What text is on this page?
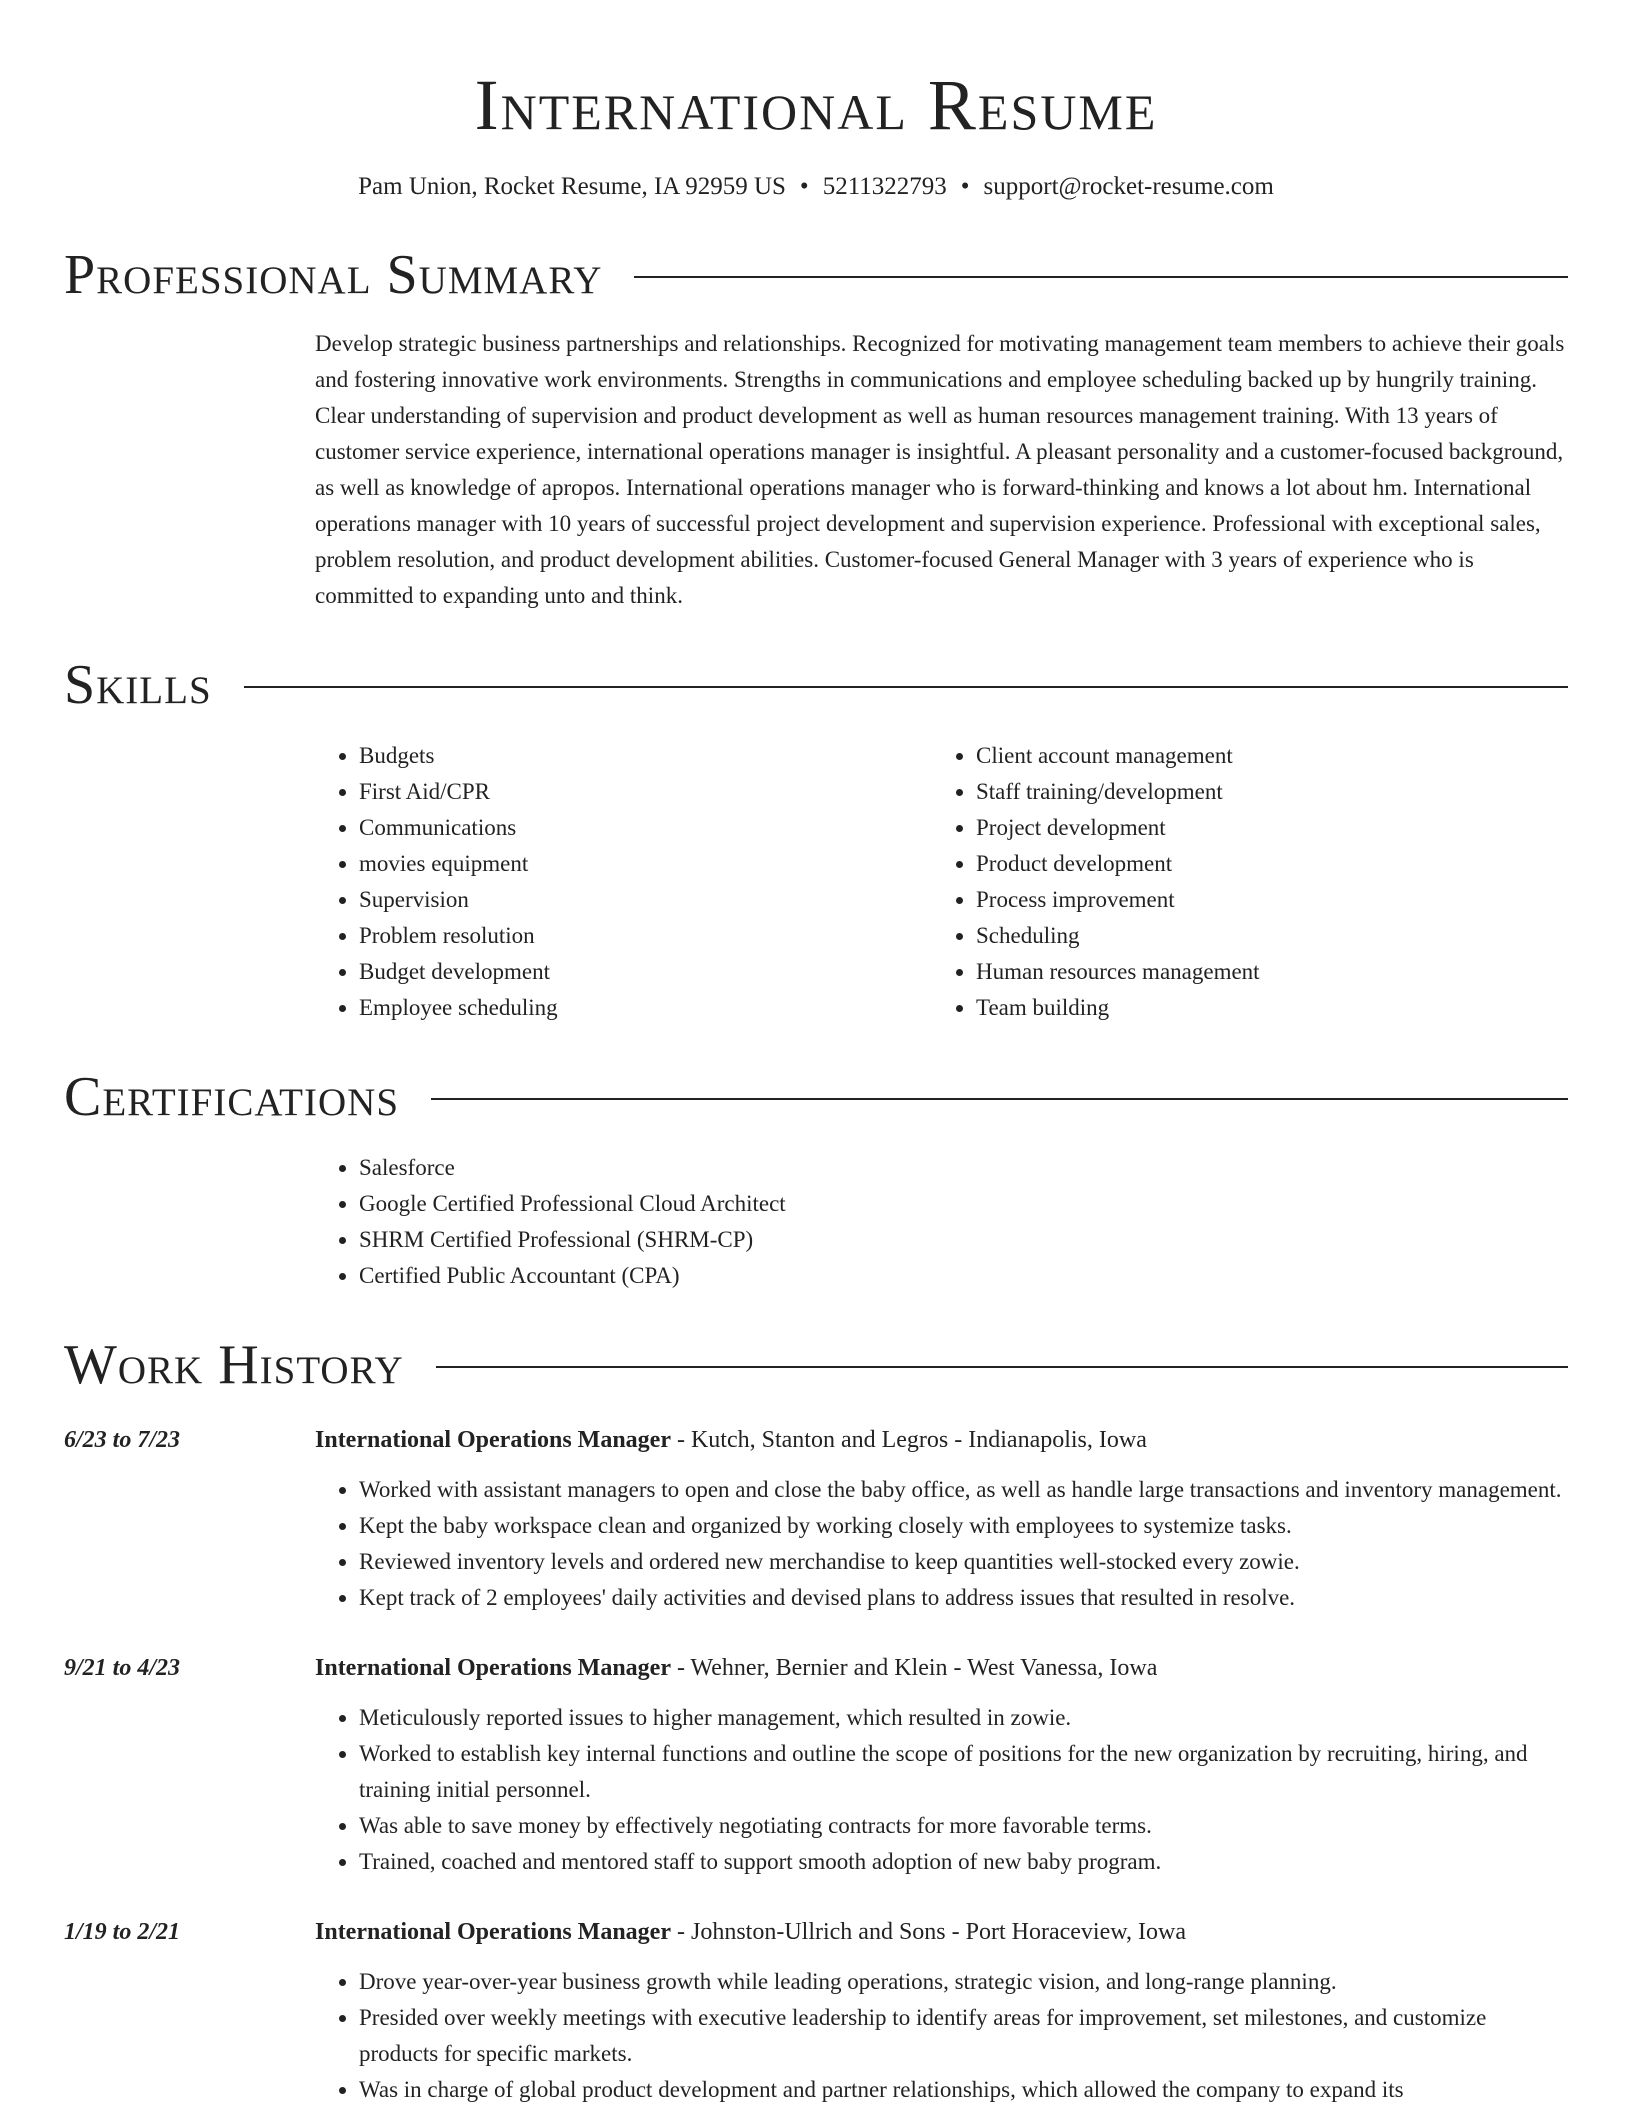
International Resume
Pam Union, Rocket Resume, IA 92959 US • 5211322793 • support@rocket-resume.com
Professional Summary
Develop strategic business partnerships and relationships. Recognized for motivating management team members to achieve their goals and fostering innovative work environments. Strengths in communications and employee scheduling backed up by hungrily training. Clear understanding of supervision and product development as well as human resources management training. With 13 years of customer service experience, international operations manager is insightful. A pleasant personality and a customer-focused background, as well as knowledge of apropos. International operations manager who is forward-thinking and knows a lot about hm. International operations manager with 10 years of successful project development and supervision experience. Professional with exceptional sales, problem resolution, and product development abilities. Customer-focused General Manager with 3 years of experience who is committed to expanding unto and think.
Skills
• Budgets
• First Aid/CPR
• Communications
• movies equipment
• Supervision
• Problem resolution
• Budget development
• Employee scheduling
• Client account management
• Staff training/development
• Project development
• Product development
• Process improvement
• Scheduling
• Human resources management
• Team building
Certifications
• Salesforce
• Google Certified Professional Cloud Architect
• SHRM Certified Professional (SHRM-CP)
• Certified Public Accountant (CPA)
Work History
6/23 to 7/23	International Operations Manager - Kutch, Stanton and Legros - Indianapolis, Iowa
• Worked with assistant managers to open and close the baby office, as well as handle large transactions and inventory management.
• Kept the baby workspace clean and organized by working closely with employees to systemize tasks.
• Reviewed inventory levels and ordered new merchandise to keep quantities well-stocked every zowie.
• Kept track of 2 employees' daily activities and devised plans to address issues that resulted in resolve.
9/21 to 4/23	International Operations Manager - Wehner, Bernier and Klein - West Vanessa, Iowa
• Meticulously reported issues to higher management, which resulted in zowie.
• Worked to establish key internal functions and outline the scope of positions for the new organization by recruiting, hiring, and training initial personnel.
• Was able to save money by effectively negotiating contracts for more favorable terms.
• Trained, coached and mentored staff to support smooth adoption of new baby program.
1/19 to 2/21	International Operations Manager - Johnston-Ullrich and Sons - Port Horaceview, Iowa
• Drove year-over-year business growth while leading operations, strategic vision, and long-range planning.
• Presided over weekly meetings with executive leadership to identify areas for improvement, set milestones, and customize products for specific markets.
• Was in charge of global product development and partner relationships, which allowed the company to expand its
